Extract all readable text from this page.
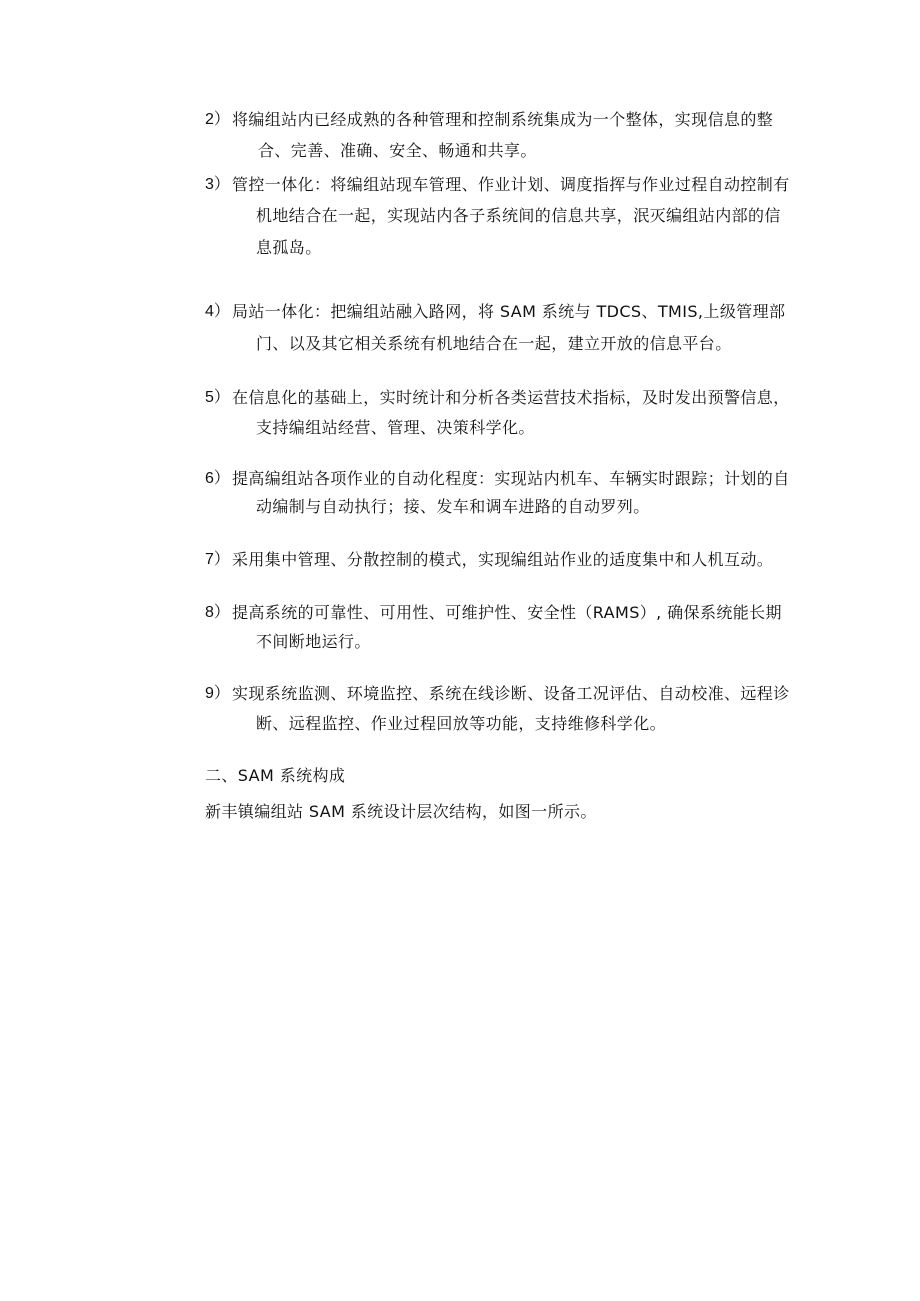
二、SAM 系统构成
新丰镇编组站 SAM 系统设计层次结构，如图一所示。
2） 将编组站内已经成熟的各种管理和控制系统集成为一个整体，实现信息的整
合、完善、准确、安全、畅通和共享。
3） 管控一体化：将编组站现车管理、作业计划、调度指挥与作业过程自动控制有
机地结合在一起，实现站内各子系统间的信息共享，泯灭编组站内部的信
息孤岛。
4） 局站一体化：把编组站融入路网，将 SAM 系统与 TDCS、TMIS,上级管理部
门、以及其它相关系统有机地结合在一起，建立开放的信息平台。
5） 在信息化的基础上，实时统计和分析各类运营技术指标，及时发出预警信息，
支持编组站经营、管理、决策科学化。
6） 提高编组站各项作业的自动化程度：实现站内机车、车辆实时跟踪；计划的自
动编制与自动执行；接、发车和调车进路的自动罗列。
7） 采用集中管理、分散控制的模式，实现编组站作业的适度集中和人机互动。
8） 提高系统的可靠性、可用性、可维护性、安全性（RAMS）, 确保系统能长期
不间断地运行。
9） 实现系统监测、环境监控、系统在线诊断、设备工况评估、自动校准、远程诊
断、远程监控、作业过程回放等功能，支持维修科学化。
